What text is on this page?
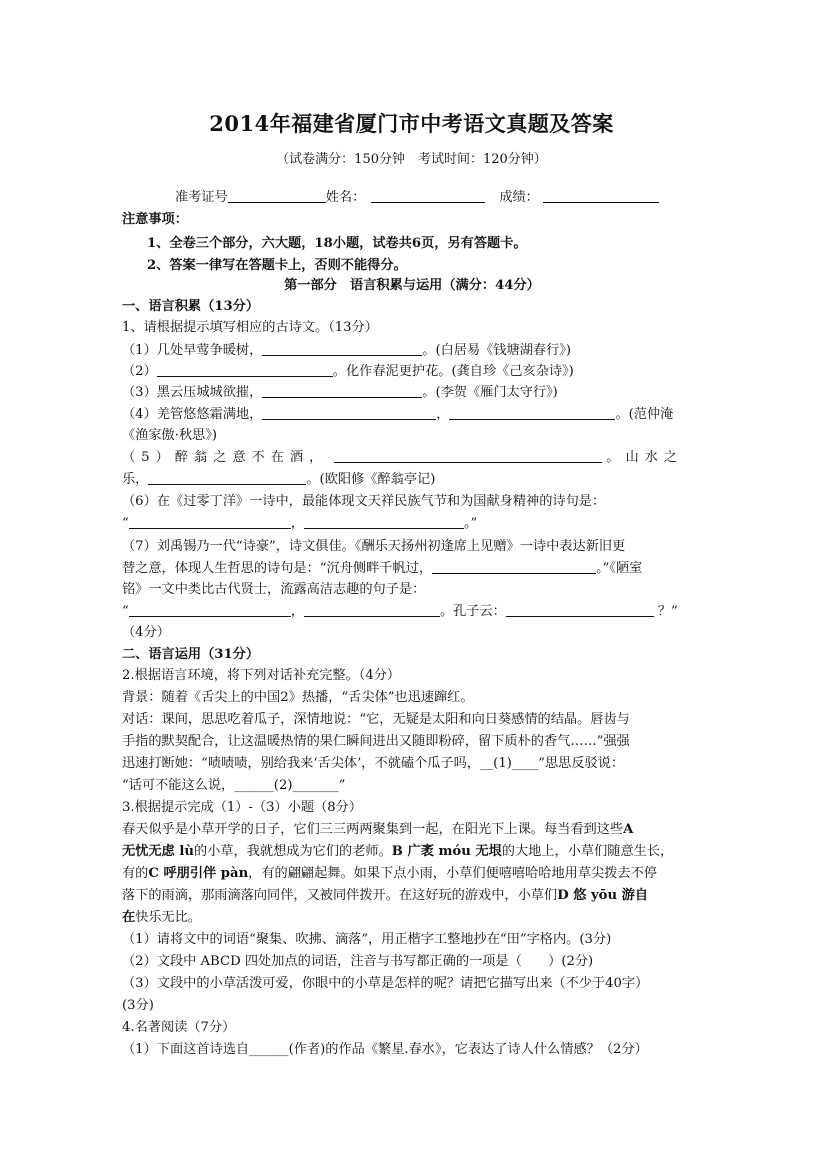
2014年福建省厦门市中考语文真题及答案
（试卷满分：150分钟　考试时间：120分钟）
准考证号	姓名：	成绩：
注意事项：
1、全卷三个部分，六大题，18小题，试卷共6页，另有答题卡。
2、答案一律写在答题卡上，否则不能得分。
第一部分　语言积累与运用（满分：44分）
一、语言积累（13分）
1、请根据提示填写相应的古诗文。（13分）
（1）几处早莺争暖树，	。(白居易《钱塘湖春行》)
（2）	。化作春泥更护花。(龚自珍《己亥杂诗》)
（3）黑云压城城欲摧，	。(李贺《雁门太守行》)
（4）羌管悠悠霜满地，	，	。(范仲淹
《渔家傲·秋思》)
（5）醉翁之意不在酒，	。山水之
乐，	。(欧阳修《醉翁亭记)
（6）在《过零丁洋》一诗中，最能体现文天祥民族气节和为国献身精神的诗句是：
“	，	。”
（7）刘禹锡乃一代“诗豪”，诗文俱佳。《酬乐天扬州初逢席上见赠》一诗中表达新旧更
替之意，体现人生哲思的诗句是：“沉舟侧畔千帆过，	。”《陋室
铭》一文中类比古代贤士，流露高洁志趣的句子是：
“	，	。孔子云：	？”
（4分）
二、语言运用（31分）
2.根据语言环境，将下列对话补充完整。（4分）
背景：随着《舌尖上的中国2》热播，“舌尖体”也迅速蹿红。
对话：课间，思思吃着瓜子，深情地说：“它，无疑是太阳和向日葵感情的结晶。唇齿与
手指的默契配合，让这温暖热情的果仁瞬间进出又随即粉碎，留下质朴的香气……”强强
迅速打断她：“啧啧啧，别给我来‘舌尖体’，不就磕个瓜子吗，__(1)____”思思反驳说：
“话可不能这么说，______(2)_______”
3.根据提示完成（1）-（3）小题（8分）
春天似乎是小草开学的日子，它们三三两两聚集到一起，在阳光下上课。每当看到这些A
无忧无虑 lù的小草，我就想成为它们的老师。B 广袤 móu 无垠的大地上，小草们随意生长，
有的C 呼朋引伴 pàn，有的翩翩起舞。如果下点小雨，小草们便嘻嘻哈哈地用草尖拨去不停
落下的雨滴，那雨滴落向同伴，又被同伴拨开。在这好玩的游戏中，小草们D 悠 yōu 游自
在快乐无比。
（1）请将文中的词语“聚集、吹拂、滴落”，用正楷字工整地抄在“田”字格内。(3分)
（2）文段中 ABCD 四处加点的词语，注音与书写都正确的一项是（　　）(2分)
（3）文段中的小草活泼可爱，你眼中的小草是怎样的呢？请把它描写出来（不少于40字）
(3分)
4.名著阅读（7分）
（1）下面这首诗选自______(作者)的作品《繁星.春水》，它表达了诗人什么情感？（2分）
